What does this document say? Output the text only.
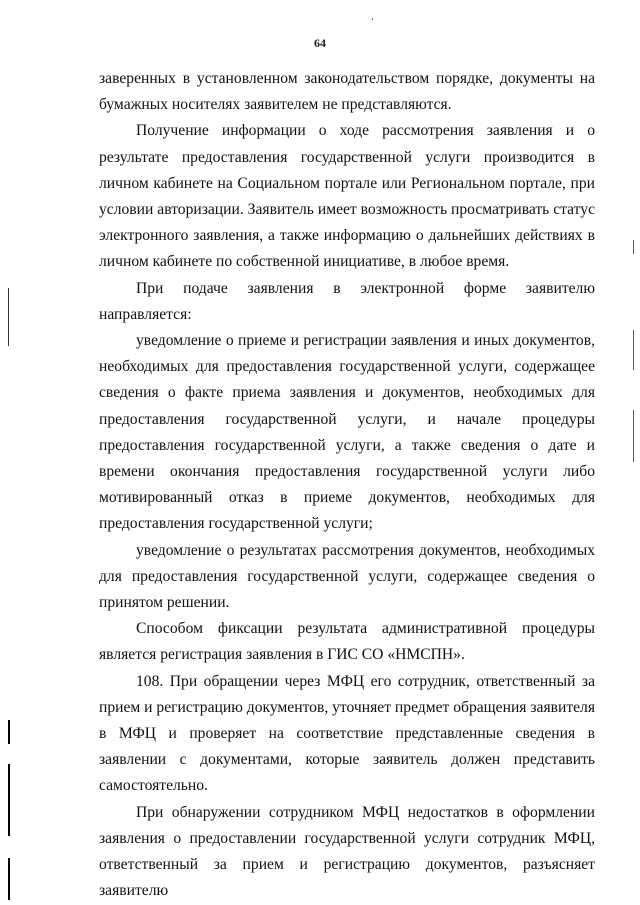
64

заверенных в установленном законодательством порядке, документы на бумажных носителях заявителем не представляются.

Получение информации о ходе рассмотрения заявления и о результате предоставления государственной услуги производится в личном кабинете на Социальном портале или Региональном портале, при условии авторизации. Заявитель имеет возможность просматривать статус электронного заявления, а также информацию о дальнейших действиях в личном кабинете по собственной инициативе, в любое время.

При подаче заявления в электронной форме заявителю направляется:

уведомление о приеме и регистрации заявления и иных документов, необходимых для предоставления государственной услуги, содержащее сведения о факте приема заявления и документов, необходимых для предоставления государственной услуги, и начале процедуры предоставления государственной услуги, а также сведения о дате и времени окончания предоставления государственной услуги либо мотивированный отказ в приеме документов, необходимых для предоставления государственной услуги;

уведомление о результатах рассмотрения документов, необходимых для предоставления государственной услуги, содержащее сведения о принятом решении.

Способом фиксации результата административной процедуры является регистрация заявления в ГИС СО «НМСПН».

108. При обращении через МФЦ его сотрудник, ответственный за прием и регистрацию документов, уточняет предмет обращения заявителя в МФЦ и проверяет на соответствие представленные сведения в заявлении с документами, которые заявитель должен представить самостоятельно.

При обнаружении сотрудником МФЦ недостатков в оформлении заявления о предоставлении государственной услуги сотрудник МФЦ, ответственный за прием и регистрацию документов, разъясняет заявителю
